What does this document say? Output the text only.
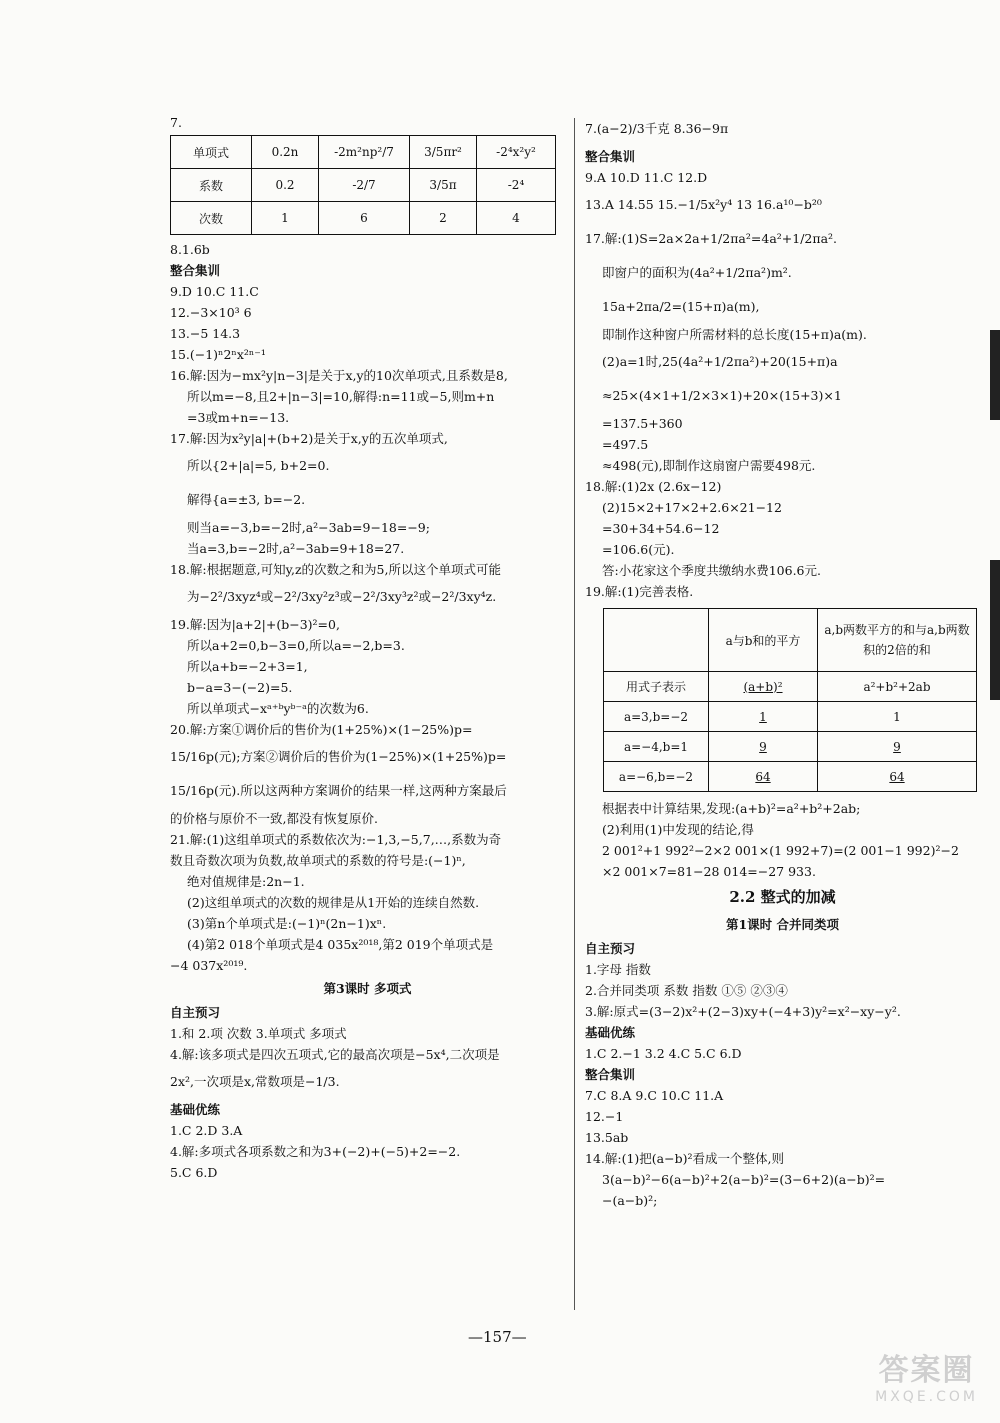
7.
单项式	0.2n	-2m²np²/7	3/5πr²	-2⁴x²y²
系数	0.2	-2/7	3/5π	-2⁴
次数	1	6	2	4
8.1.6b
整合集训
9.D 10.C 11.C
12.−3×10³ 6
13.−5 14.3
15.(−1)ⁿ2ⁿx²ⁿ⁻¹
16.解:因为−mx²y|n−3|是关于x,y的10次单项式,且系数是8,
所以m=−8,且2+|n−3|=10,解得:n=11或−5,则m+n
=3或m+n=−13.
17.解:因为x²y|a|+(b+2)是关于x,y的五次单项式,
所以{2+|a|=5, b+2=0.
解得{a=±3, b=−2.
则当a=−3,b=−2时,a²−3ab=9−18=−9;
当a=3,b=−2时,a²−3ab=9+18=27.
18.解:根据题意,可知y,z的次数之和为5,所以这个单项式可能
为−2²/3xyz⁴或−2²/3xy²z³或−2²/3xy³z²或−2²/3xy⁴z.
19.解:因为|a+2|+(b−3)²=0,
所以a+2=0,b−3=0,所以a=−2,b=3.
所以a+b=−2+3=1,
b−a=3−(−2)=5.
所以单项式−xᵃ⁺ᵇyᵇ⁻ᵃ的次数为6.
20.解:方案①调价后的售价为(1+25%)×(1−25%)p=
15/16p(元);方案②调价后的售价为(1−25%)×(1+25%)p=
15/16p(元).所以这两种方案调价的结果一样,这两种方案最后
的价格与原价不一致,都没有恢复原价.
21.解:(1)这组单项式的系数依次为:−1,3,−5,7,…,系数为奇
数且奇数次项为负数,故单项式的系数的符号是:(−1)ⁿ,
绝对值规律是:2n−1.
(2)这组单项式的次数的规律是从1开始的连续自然数.
(3)第n个单项式是:(−1)ⁿ(2n−1)xⁿ.
(4)第2 018个单项式是4 035x²⁰¹⁸,第2 019个单项式是
−4 037x²⁰¹⁹.
第3课时 多项式
自主预习
1.和 2.项 次数 3.单项式 多项式
4.解:该多项式是四次五项式,它的最高次项是−5x⁴,二次项是
2x²,一次项是x,常数项是−1/3.
基础优练
1.C 2.D 3.A
4.解:多项式各项系数之和为3+(−2)+(−5)+2=−2.
5.C 6.D
7.(a−2)/3千克 8.36−9π
整合集训
9.A 10.D 11.C 12.D
13.A 14.55 15.−1/5x²y⁴ 13 16.a¹⁰−b²⁰
17.解:(1)S=2a×2a+1/2πa²=4a²+1/2πa².
即窗户的面积为(4a²+1/2πa²)m².
15a+2πa/2=(15+π)a(m),
即制作这种窗户所需材料的总长度(15+π)a(m).
(2)a=1时,25(4a²+1/2πa²)+20(15+π)a
≈25×(4×1+1/2×3×1)+20×(15+3)×1
=137.5+360
=497.5
≈498(元),即制作这扇窗户需要498元.
18.解:(1)2x (2.6x−12)
(2)15×2+17×2+2.6×21−12
=30+34+54.6−12
=106.6(元).
答:小花家这个季度共缴纳水费106.6元.
19.解:(1)完善表格.
	a与b和的平方	a,b两数平方的和与a,b两数积的2倍的和
用式子表示	(a+b)²	a²+b²+2ab
a=3,b=−2	1	1
a=−4,b=1	9	9
a=−6,b=−2	64	64
根据表中计算结果,发现:(a+b)²=a²+b²+2ab;
(2)利用(1)中发现的结论,得
2 001²+1 992²−2×2 001×(1 992+7)=(2 001−1 992)²−2
×2 001×7=81−28 014=−27 933.
2.2 整式的加减
第1课时 合并同类项
自主预习
1.字母 指数
2.合并同类项 系数 指数 ①⑤ ②③④
3.解:原式=(3−2)x²+(2−3)xy+(−4+3)y²=x²−xy−y².
基础优练
1.C 2.−1 3.2 4.C 5.C 6.D
整合集训
7.C 8.A 9.C 10.C 11.A
12.−1
13.5ab
14.解:(1)把(a−b)²看成一个整体,则
3(a−b)²−6(a−b)²+2(a−b)²=(3−6+2)(a−b)²=
−(a−b)²;
—157—
答案圈
MXQE.COM
